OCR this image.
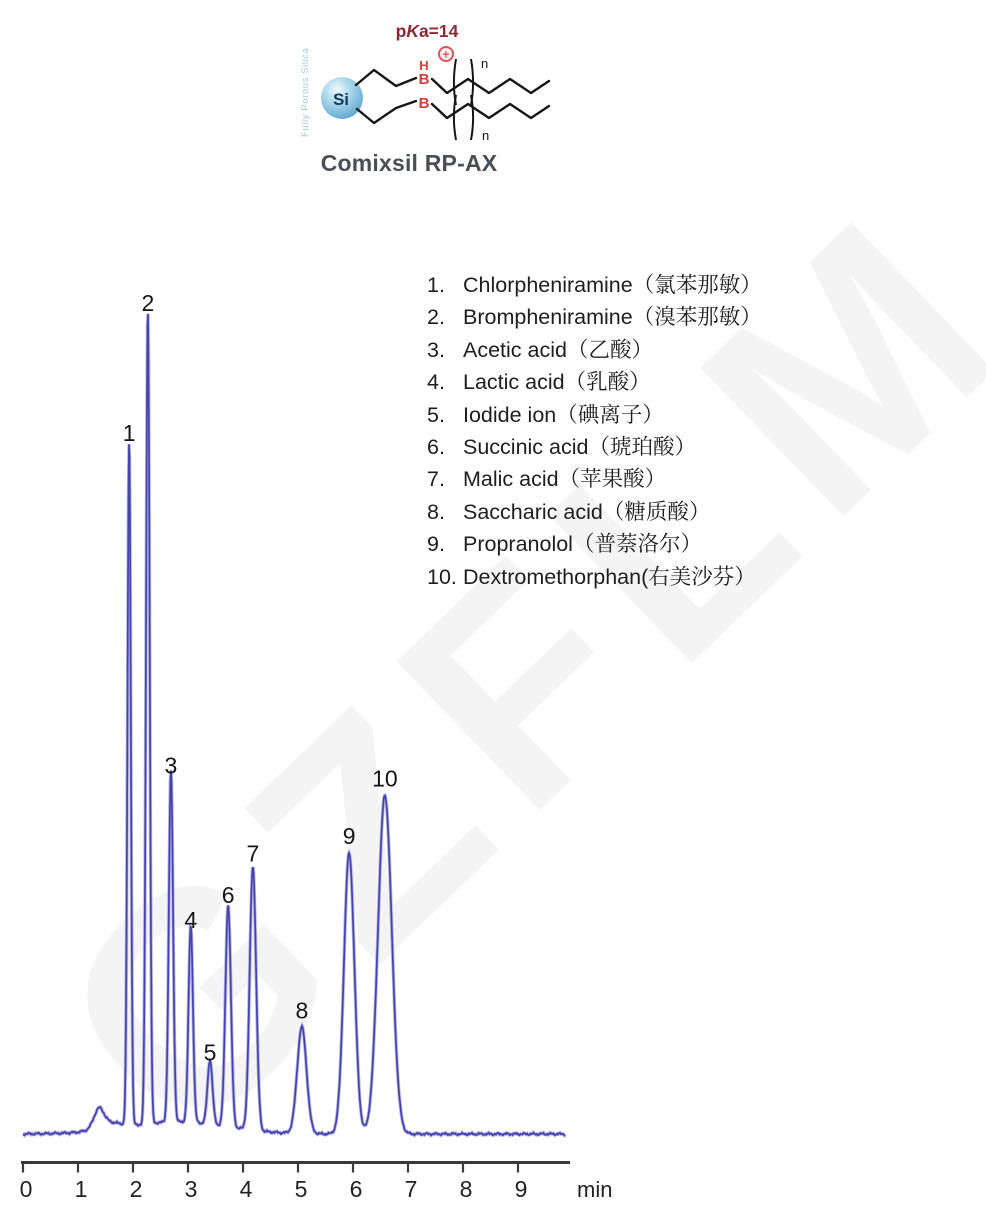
pKa=14
+
H
B
B
Si
Fully Porous Silica	n
n
Comixsil RP-AX
1. Chlorpheniramine（氯苯那敏）
2. Brompheniramine（溴苯那敏）
3. Acetic acid（乙酸）
4. Lactic acid（乳酸）
5. Iodide ion（碘离子）
6. Succinic acid（琥珀酸）
7. Malic acid（苹果酸）
8. Saccharic acid（糖质酸）
9. Propranolol（普萘洛尔）
10. Dextromethorphan(右美沙芬）
0 1 2 3 4 5 6 7 8 9
1
2
3
4
5
6
7
8
9
10
min
